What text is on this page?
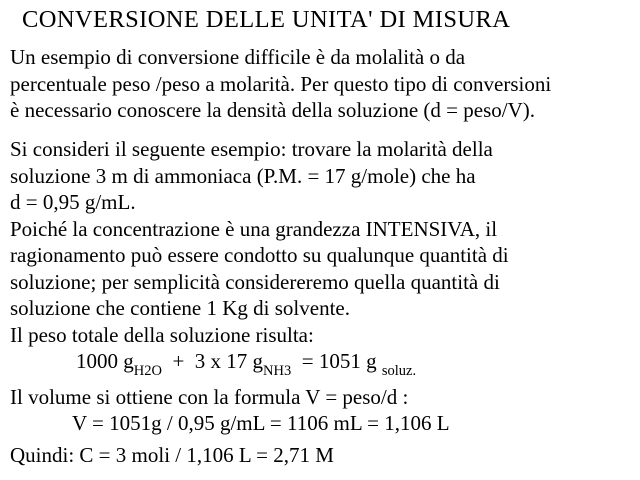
CONVERSIONE DELLE UNITA' DI MISURA
Un esempio di conversione difficile è da molalità o da
percentuale peso /peso a molarità. Per questo tipo di conversioni
è necessario conoscere la densità della soluzione (d = peso/V).
Si consideri il seguente esempio: trovare la molarità della
soluzione 3 m di ammoniaca (P.M. = 17 g/mole) che ha
d = 0,95 g/mL.
Poiché la concentrazione è una grandezza INTENSIVA, il
ragionamento può essere condotto su qualunque quantità di
soluzione; per semplicità considereremo quella quantità di
soluzione che contiene 1 Kg di solvente.
Il peso totale della soluzione risulta:
1000 $g_{H2O} + 3$ x 17 $g_{NH3} = 1051$ g $_{soluz.}$
Il volume si ottiene con la formula V = peso/d :
V = 1051g / 0,95 g/mL = 1106 mL = 1,106 L
Quindi: C = 3 moli / 1,106 L = 2,71 M
